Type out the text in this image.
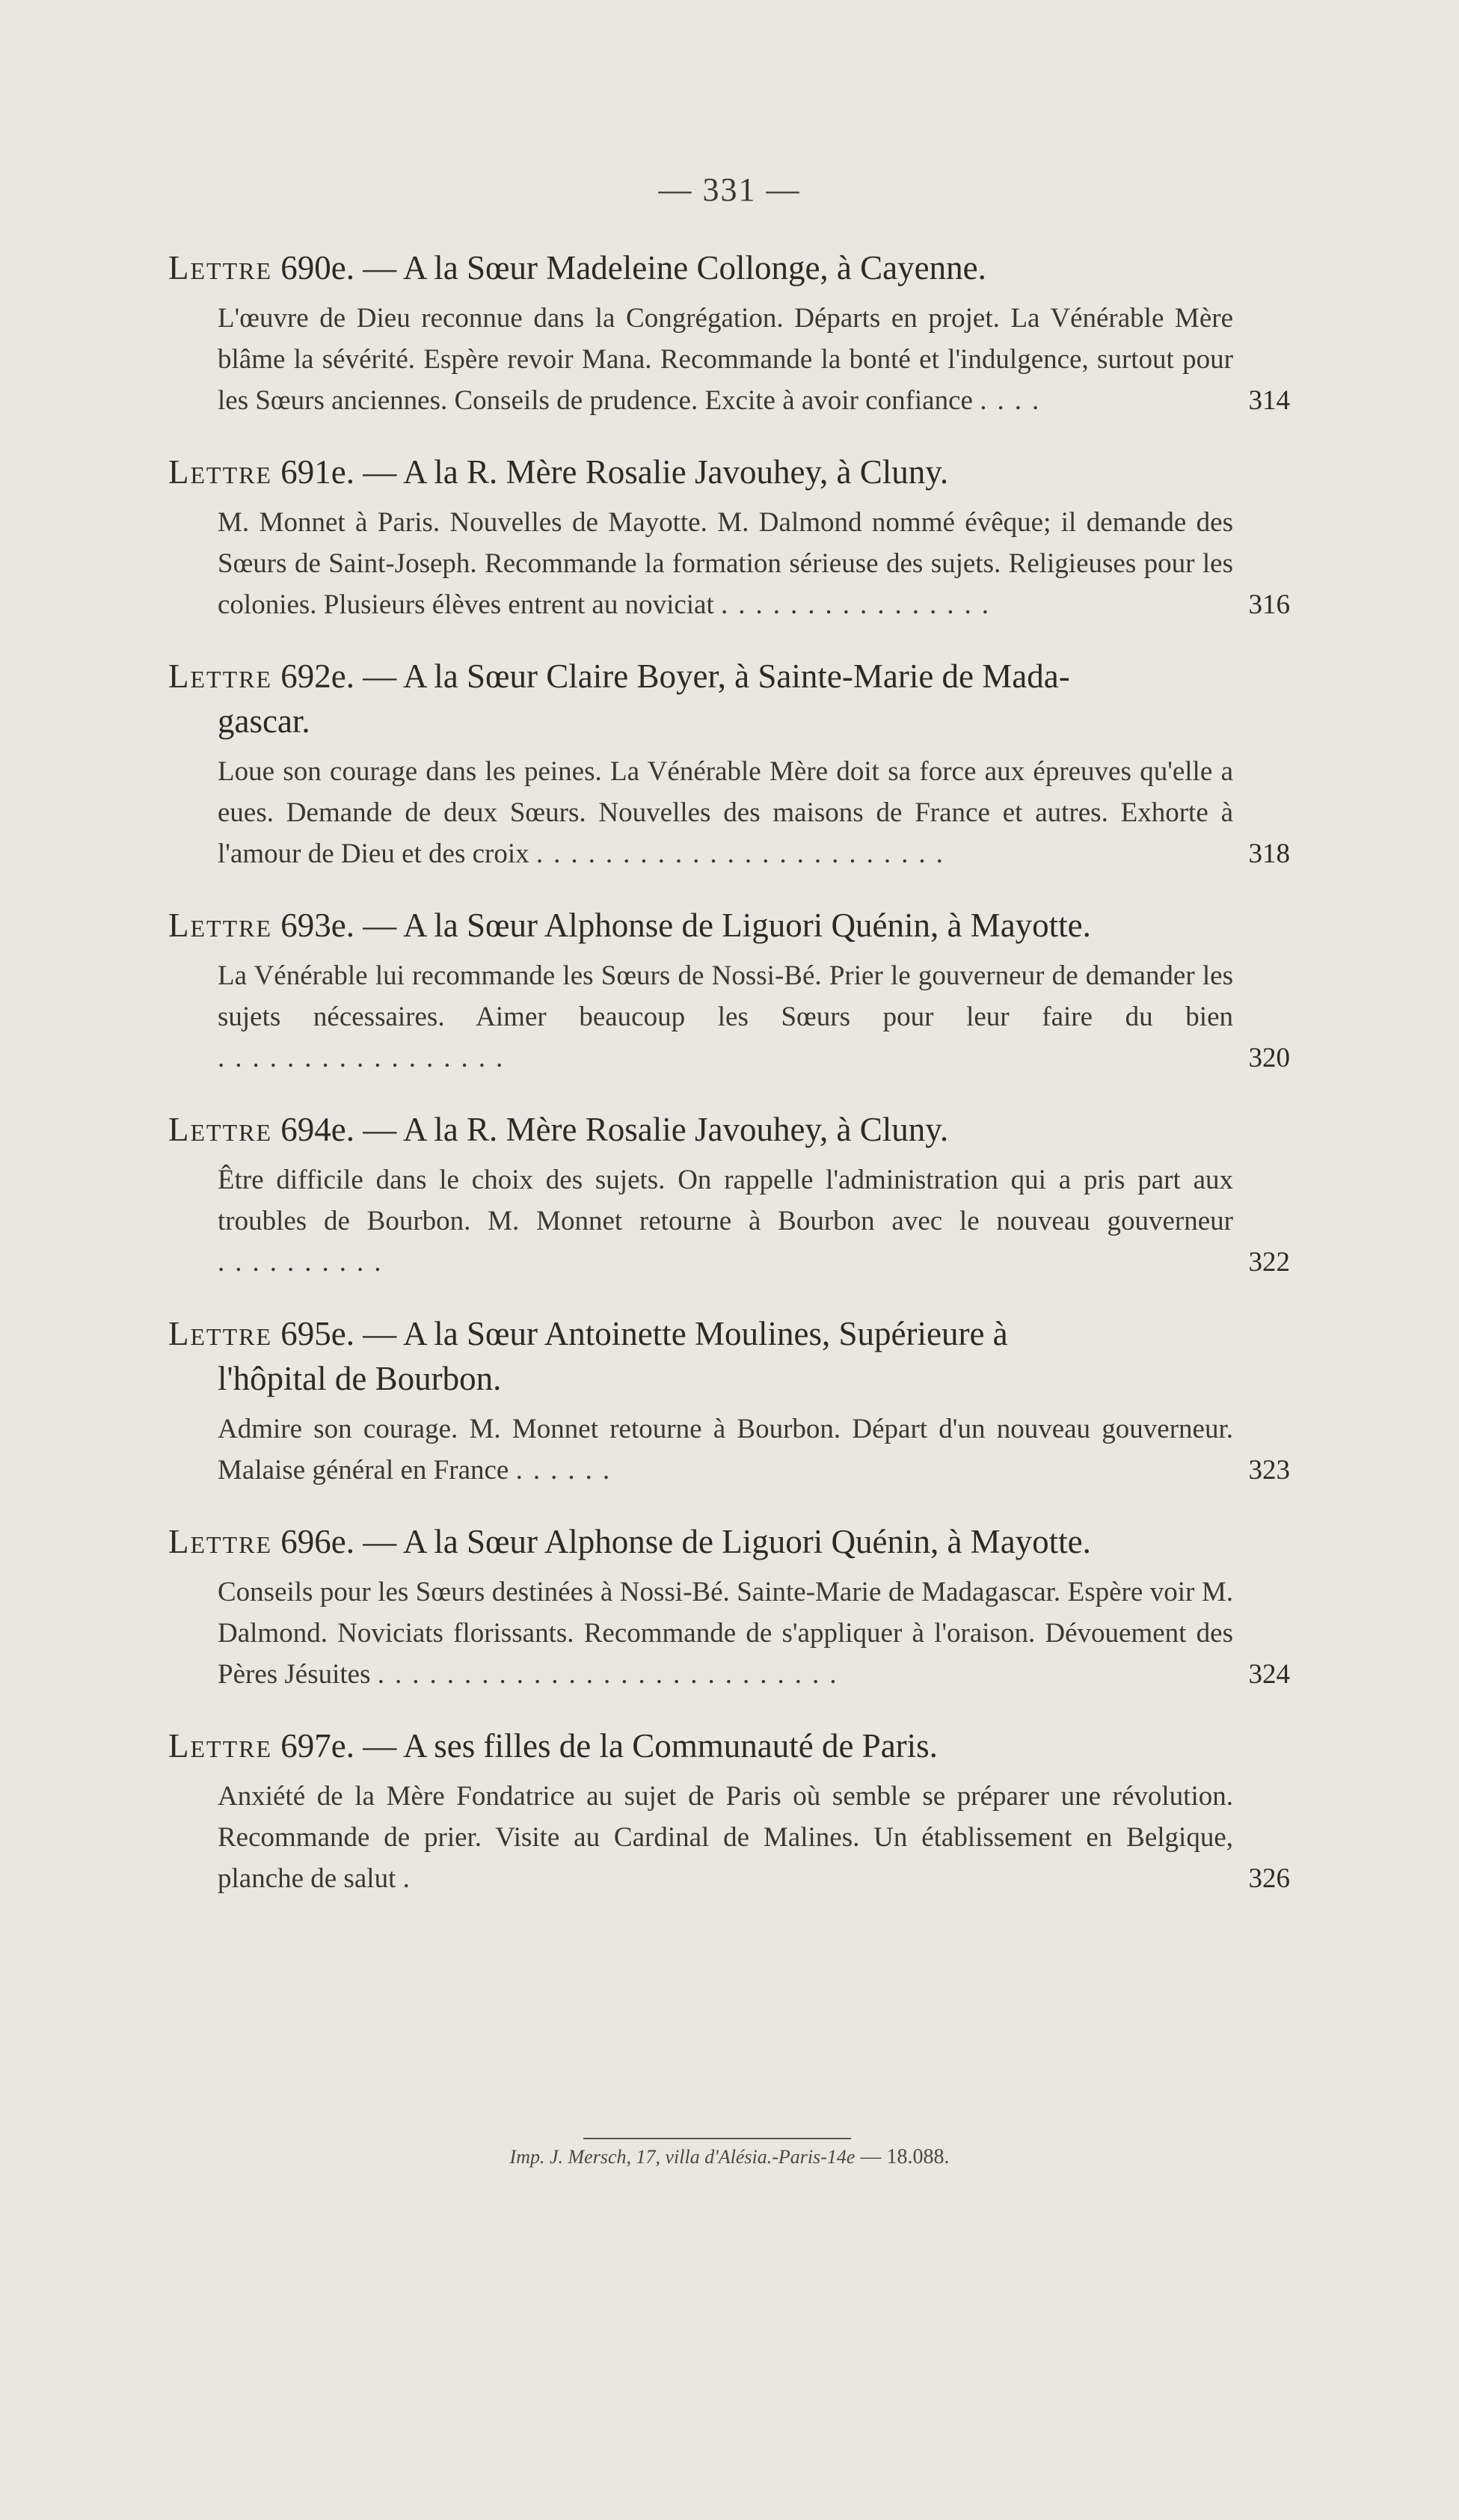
— 331 —
Lettre 690e. — A la Sœur Madeleine Collonge, à Cayenne.
L'œuvre de Dieu reconnue dans la Congrégation. Départs en projet. La Vénérable Mère blâme la sévérité. Espère revoir Mana. Recommande la bonté et l'indulgence, surtout pour les Sœurs anciennes. Conseils de prudence. Excite à avoir confiance ....	314
Lettre 691e. — A la R. Mère Rosalie Javouhey, à Cluny.
M. Monnet à Paris. Nouvelles de Mayotte. M. Dalmond nommé évêque; il demande des Sœurs de Saint-Joseph. Recommande la formation sérieuse des sujets. Religieuses pour les colonies. Plusieurs élèves entrent au noviciat ................	316
Lettre 692e. — A la Sœur Claire Boyer, à Sainte-Marie de Mada-
gascar.
Loue son courage dans les peines. La Vénérable Mère doit sa force aux épreuves qu'elle a eues. Demande de deux Sœurs. Nouvelles des maisons de France et autres. Exhorte à l'amour de Dieu et des croix ........................	318
Lettre 693e. — A la Sœur Alphonse de Liguori Quénin, à Mayotte.
La Vénérable lui recommande les Sœurs de Nossi-Bé. Prier le gouverneur de demander les sujets nécessaires. Aimer beaucoup les Sœurs pour leur faire du bien .................	320
Lettre 694e. — A la R. Mère Rosalie Javouhey, à Cluny.
Être difficile dans le choix des sujets. On rappelle l'administration qui a pris part aux troubles de Bourbon. M. Monnet retourne à Bourbon avec le nouveau gouverneur ..........	322
Lettre 695e. — A la Sœur Antoinette Moulines, Supérieure à
l'hôpital de Bourbon.
Admire son courage. M. Monnet retourne à Bourbon. Départ d'un nouveau gouverneur. Malaise général en France ......	323
Lettre 696e. — A la Sœur Alphonse de Liguori Quénin, à Mayotte.
Conseils pour les Sœurs destinées à Nossi-Bé. Sainte-Marie de Madagascar. Espère voir M. Dalmond. Noviciats florissants. Recommande de s'appliquer à l'oraison. Dévouement des Pères Jésuites ...........................	324
Lettre 697e. — A ses filles de la Communauté de Paris.
Anxiété de la Mère Fondatrice au sujet de Paris où semble se préparer une révolution. Recommande de prier. Visite au Cardinal de Malines. Un établissement en Belgique, planche de salut .	326
Imp. J. Mersch, 17, villa d'Alésia.-Paris-14e — 18.088.
